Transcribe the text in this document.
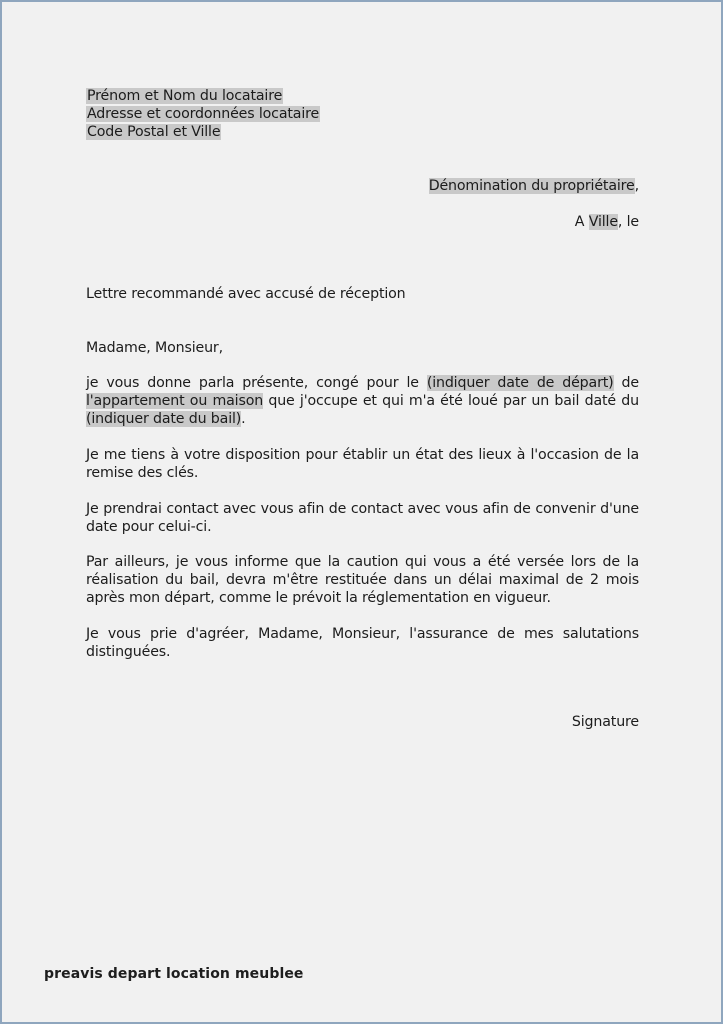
Prénom et Nom du locataire
Adresse et coordonnées locataire
Code Postal et Ville
Dénomination du propriétaire,
A Ville, le
Lettre recommandé avec accusé de réception
Madame, Monsieur,
je vous donne parla présente, congé pour le (indiquer date de départ) de l'appartement ou maison que j'occupe et qui m'a été loué par un bail daté du (indiquer date du bail).
Je me tiens à votre disposition pour établir un état des lieux à l'occasion de la remise des clés.
Je prendrai contact avec vous afin de contact avec vous afin de convenir d'une date pour celui-ci.
Par ailleurs, je vous informe que la caution qui vous a été versée lors de la réalisation du bail, devra m'être restituée dans un délai maximal de 2 mois après mon départ, comme le prévoit la réglementation en vigueur.
Je vous prie d'agréer, Madame, Monsieur, l'assurance de mes salutations distinguées.
Signature
preavis depart location meublee
